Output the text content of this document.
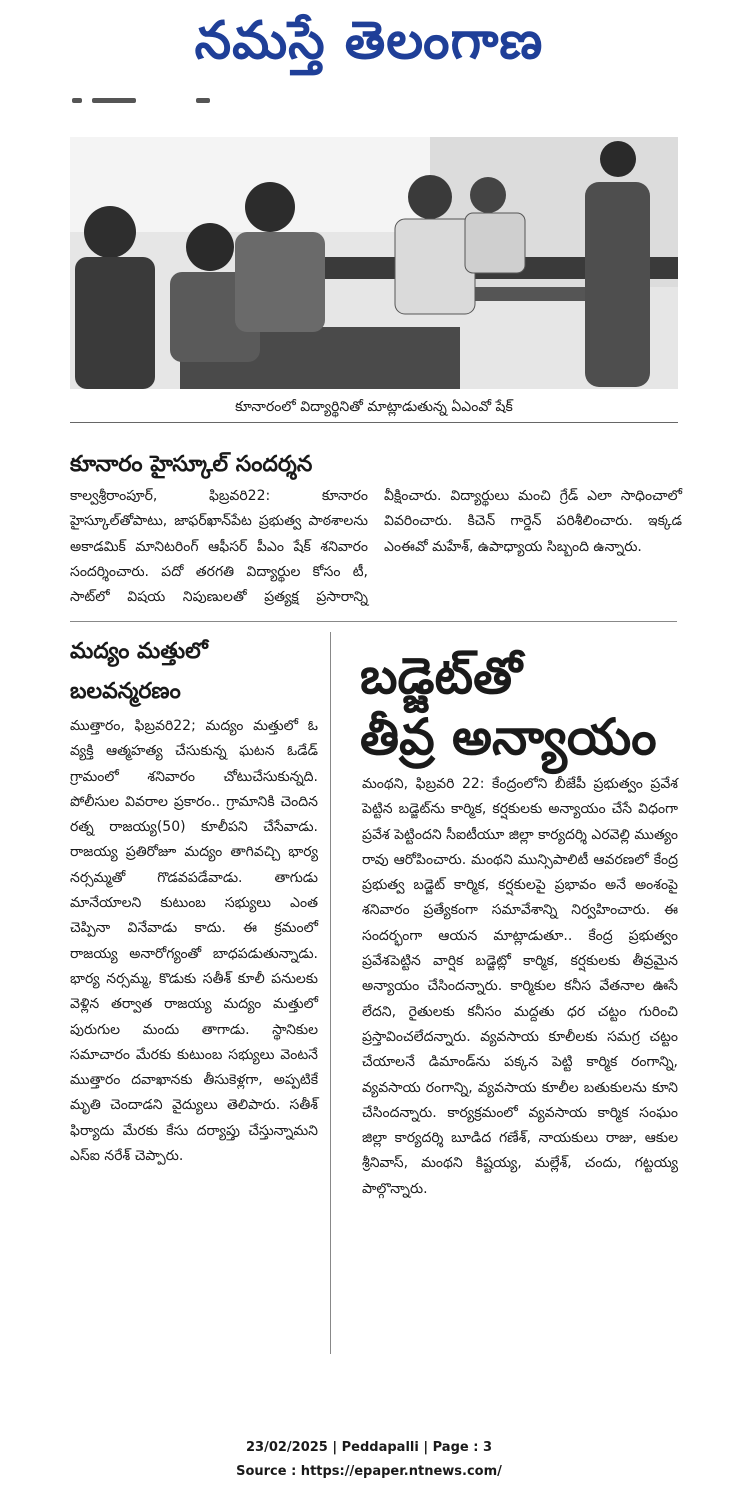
నమస్తే తెలంగాణ
కూనారంలో విద్యార్థినితో మాట్లాడుతున్న ఏఎంవో షేక్
కూనారం హైస్కూల్ సందర్శన
కాల్వశ్రీరాంపూర్, ఫిబ్రవరి22: కూనారం హైస్కూల్‌తోపాటు, జాఫర్‌ఖాన్‌పేట ప్రభుత్వ పాఠశాలను అకాడమిక్ మానిటరింగ్ ఆఫీసర్ పీఎం షేక్ శనివారం సందర్శించారు. పదో తరగతి విద్యార్థుల కోసం టీ, సాట్‌లో విషయ నిపుణులతో ప్రత్యక్ష ప్రసారాన్ని వీక్షించారు. విద్యార్థులు మంచి గ్రేడ్ ఎలా సాధించాలో వివరించారు. కిచెన్ గార్డెన్ పరిశీలించారు. ఇక్కడ ఎంఈవో మహేశ్, ఉపాధ్యాయ సిబ్బంది ఉన్నారు.
మద్యం మత్తులో
బలవన్మరణం
ముత్తారం, ఫిబ్రవరి22; మద్యం మత్తులో ఓ వ్యక్తి ఆత్మహత్య చేసుకున్న ఘటన ఓడేడ్ గ్రామంలో శనివారం చోటుచేసుకున్నది. పోలీసుల వివరాల ప్రకారం.. గ్రామానికి చెందిన రత్న రాజయ్య(50) కూలీపని చేసేవాడు. రాజయ్య ప్రతిరోజూ మద్యం తాగివచ్చి భార్య నర్సమ్మతో గొడవపడేవాడు. తాగుడు మానేయాలని కుటుంబ సభ్యులు ఎంత చెప్పినా వినేవాడు కాదు. ఈ క్రమంలో రాజయ్య అనారోగ్యంతో బాధపడుతున్నాడు. భార్య నర్సమ్మ, కొడుకు సతీశ్ కూలీ పనులకు వెళ్లిన తర్వాత రాజయ్య మద్యం మత్తులో పురుగుల మందు తాగాడు. స్థానికుల సమాచారం మేరకు కుటుంబ సభ్యులు వెంటనే ముత్తారం దవాఖానకు తీసుకెళ్లగా, అప్పటికే మృతి చెందాడని వైద్యులు తెలిపారు. సతీశ్ ఫిర్యాదు మేరకు కేసు దర్యాప్తు చేస్తున్నామని ఎస్ఐ నరేశ్ చెప్పారు.
బడ్జెట్‌తో
తీవ్ర అన్యాయం
మంథని, ఫిబ్రవరి 22: కేంద్రంలోని బీజేపీ ప్రభుత్వం ప్రవేశ పెట్టిన బడ్జెట్‌ను కార్మిక, కర్షకులకు అన్యాయం చేసే విధంగా ప్రవేశ పెట్టిందని సీఐటీయూ జిల్లా కార్యదర్శి ఎరవెల్లి ముత్యం రావు ఆరోపించారు. మంథని మున్సిపాలిటీ ఆవరణలో కేంద్ర ప్రభుత్వ బడ్జెట్ కార్మిక, కర్షకులపై ప్రభావం అనే అంశంపై శనివారం ప్రత్యేకంగా సమావేశాన్ని నిర్వహించారు. ఈ సందర్భంగా ఆయన మాట్లాడుతూ.. కేంద్ర ప్రభుత్వం ప్రవేశపెట్టిన వార్షిక బడ్జెట్లో కార్మిక, కర్షకులకు తీవ్రమైన అన్యాయం చేసిందన్నారు. కార్మికుల కనీస వేతనాల ఊసే లేదని, రైతులకు కనీసం మద్దతు ధర చట్టం గురించి ప్రస్తావించలేదన్నారు. వ్యవసాయ కూలీలకు సమగ్ర చట్టం చేయాలనే డిమాండ్‌ను పక్కన పెట్టి కార్మిక రంగాన్ని, వ్యవసాయ రంగాన్ని, వ్యవసాయ కూలీల బతుకులను కూని చేసిందన్నారు. కార్యక్రమంలో వ్యవసాయ కార్మిక సంఘం జిల్లా కార్యదర్శి బూడిద గణేశ్, నాయకులు రాజు, ఆకుల శ్రీనివాస్, మంథని కిష్టయ్య, మల్లేశ్, చందు, గట్టయ్య పాల్గొన్నారు.
23/02/2025 | Peddapalli | Page : 3
Source : https://epaper.ntnews.com/
